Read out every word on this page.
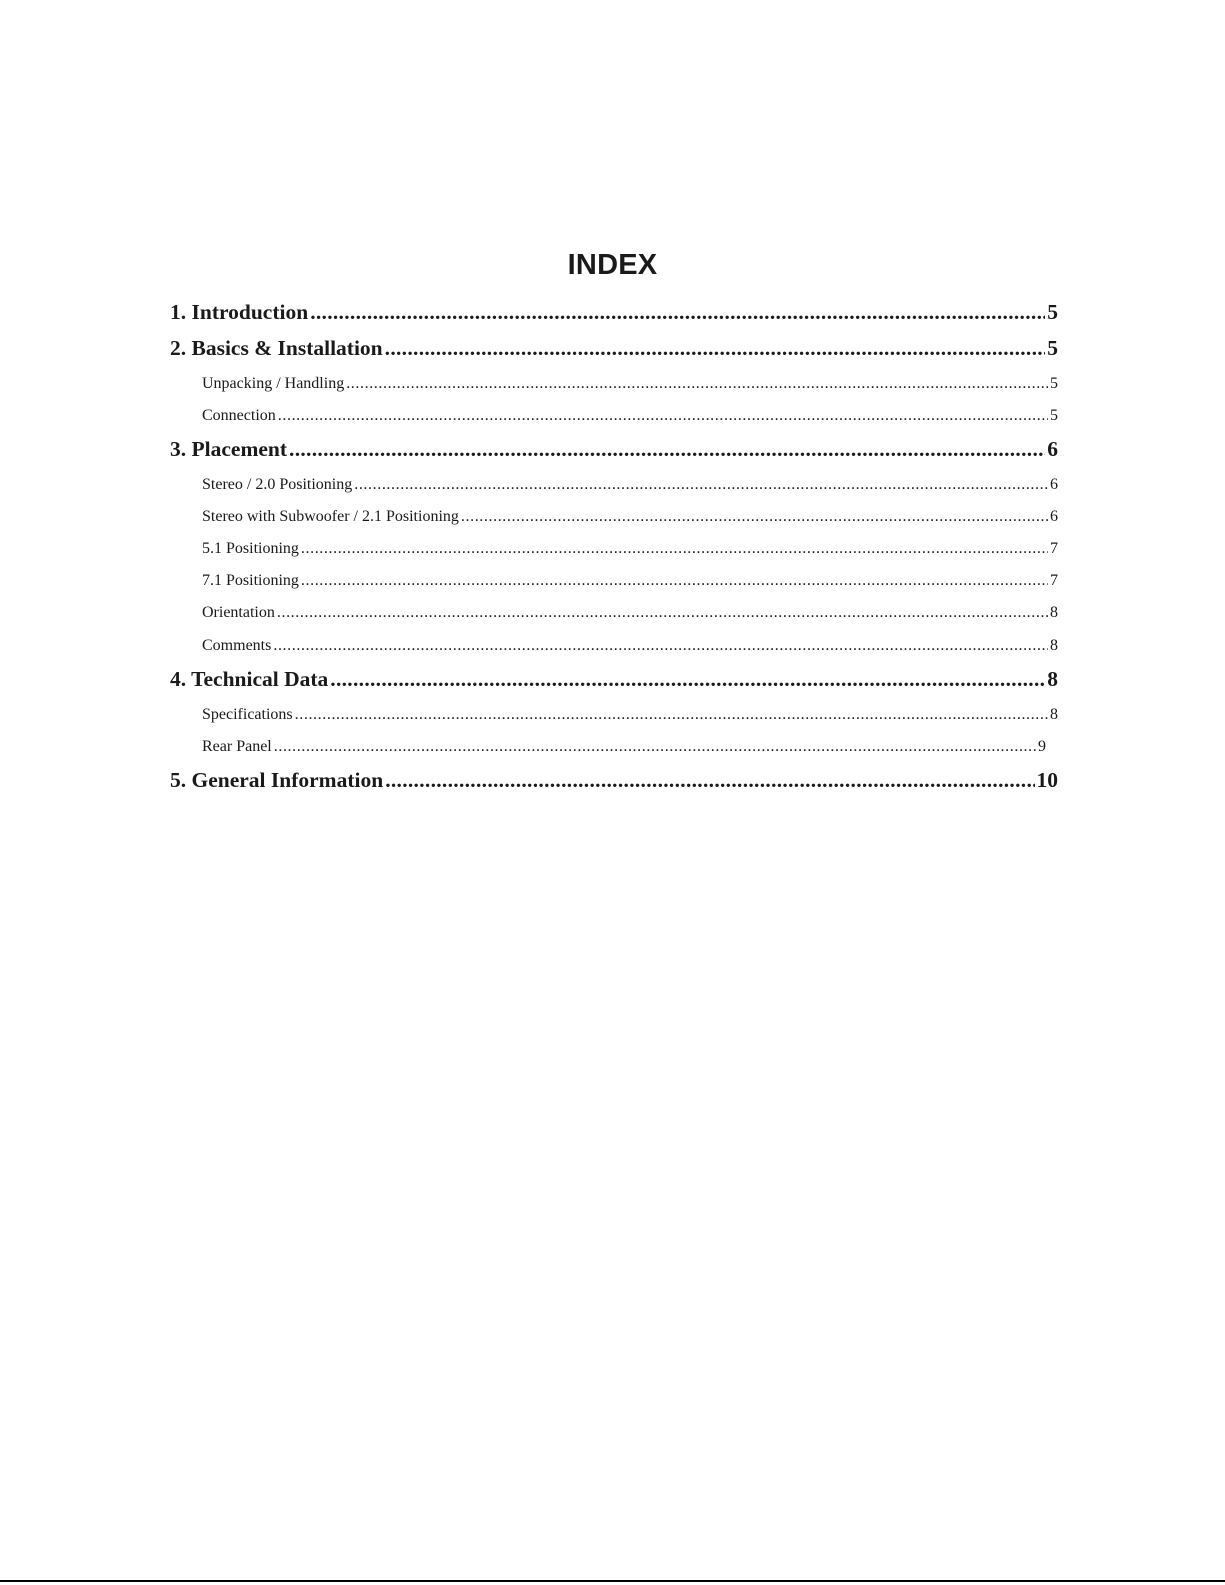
INDEX
1. Introduction .....	5
2. Basics & Installation .....	5
Unpacking / Handling .....	5
Connection .....	5
3. Placement .....	6
Stereo / 2.0 Positioning .....	6
Stereo with Subwoofer / 2.1 Positioning .....	6
5.1 Positioning .....	7
7.1 Positioning .....	7
Orientation .....	8
Comments .....	8
4. Technical Data .....	8
Specifications .....	8
Rear Panel .....	9
5. General Information .....	10
